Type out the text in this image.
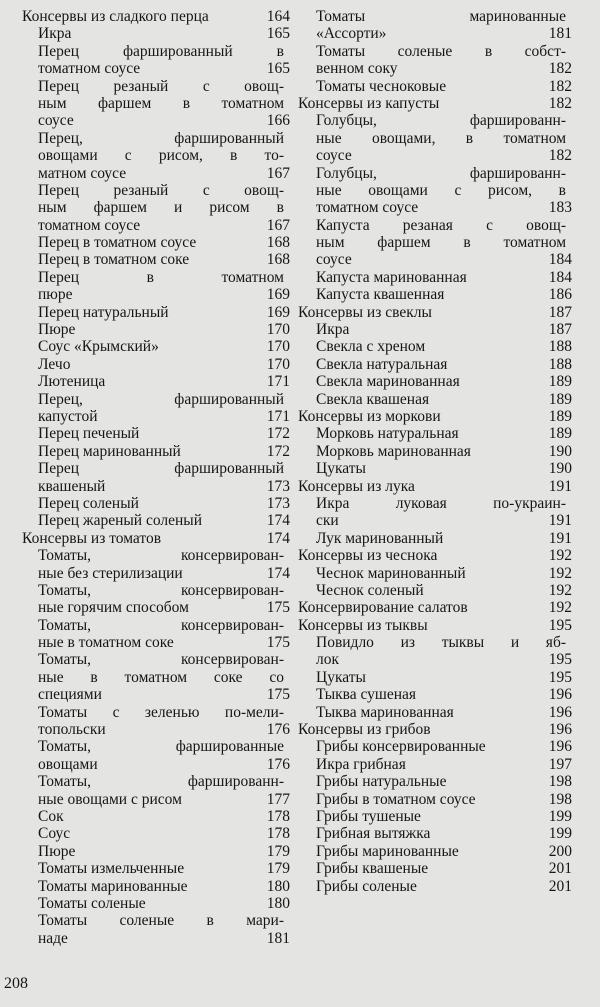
Консервы из сладкого перца	164
Икра	165
Перец фаршированный в
томатном соусе	165
Перец резаный с овощ-
ным фаршем в томатном
соусе	166
Перец, фаршированный
овощами с рисом, в то-
матном соусе	167
Перец резаный с овощ-
ным фаршем и рисом в
томатном соусе	167
Перец в томатном соусе	168
Перец в томатном соке	168
Перец в томатном
пюре	169
Перец натуральный	169
Пюре	170
Соус «Крымский»	170
Лечо	170
Лютеница	171
Перец, фаршированный
капустой	171
Перец печеный	172
Перец маринованный	172
Перец фаршированный
квашеный	173
Перец соленый	173
Перец жареный соленый	174
Консервы из томатов	174
Томаты, консервирован-
ные без стерилизации	174
Томаты, консервирован-
ные горячим способом	175
Томаты, консервирован-
ные в томатном соке	175
Томаты, консервирован-
ные в томатном соке со
специями	175
Томаты с зеленью по-мели-
топольски	176
Томаты, фаршированные
овощами	176
Томаты, фаршированн-
ные овощами с рисом	177
Сок	178
Соус	178
Пюре	179
Томаты измельченные	179
Томаты маринованные	180
Томаты соленые	180
Томаты соленые в мари-
наде	181
Томаты маринованные
«Ассорти»	181
Томаты соленые в собст-
венном соку	182
Томаты чесноковые	182
Консервы из капусты	182
Голубцы, фаршированн-
ные овощами, в томатном
соусе	182
Голубцы, фаршированн-
ные овощами с рисом, в
томатном соусе	183
Капуста резаная с овощ-
ным фаршем в томатном
соусе	184
Капуста маринованная	184
Капуста квашенная	186
Консервы из свеклы	187
Икра	187
Свекла с хреном	188
Свекла натуральная	188
Свекла маринованная	189
Свекла квашеная	189
Консервы из моркови	189
Морковь натуральная	189
Морковь маринованная	190
Цукаты	190
Консервы из лука	191
Икра луковая по-украин-
ски	191
Лук маринованный	191
Консервы из чеснока	192
Чеснок маринованный	192
Чеснок соленый	192
Консервирование салатов	192
Консервы из тыквы	195
Повидло из тыквы и яб-
лок	195
Цукаты	195
Тыква сушеная	196
Тыква маринованная	196
Консервы из грибов	196
Грибы консервированные	196
Икра грибная	197
Грибы натуральные	198
Грибы в томатном соусе	198
Грибы тушеные	199
Грибная вытяжка	199
Грибы маринованные	200
Грибы квашеные	201
Грибы соленые	201
208
